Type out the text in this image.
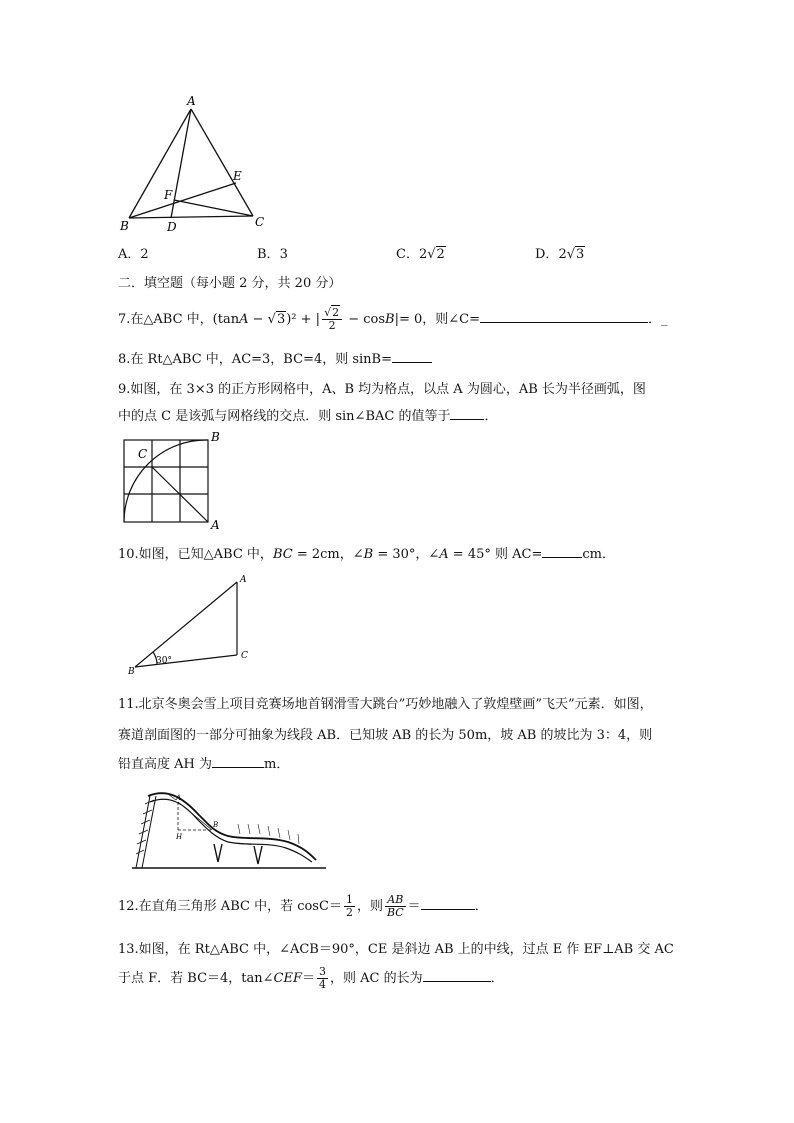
A
B	C
D
E
F
A．2	B．3	C．2√2	D．2√3
二．填空题（每小题 2 分，共 20 分）
7.在△ABC 中，(tanA − √3)² + | $\frac{√2}{2} - \cos B|= 0$，则∠C=	．_
8.在 Rt△ABC 中，AC=3，BC=4，则 sinB=
9.如图，在 3×3 的正方形网格中，A、B 均为格点，以点 A 为圆心，AB 长为半径画弧，图
中的点 C 是该弧与网格线的交点．则 sin∠BAC 的值等于	．
B
C
A
10.如图，已知△ABC 中，BC = 2cm，∠B = 30°，∠A = 45° 则 AC=	cm．
A
C
B
30°
11.北京冬奥会雪上项目竞赛场地首钢滑雪大跳台”巧妙地融入了敦煌壁画”飞天”元素．如图，
赛道剖面图的一部分可抽象为线段 AB．已知坡 AB 的长为 50m，坡 AB 的坡比为 3：4，则
铅直高度 AH 为	m．
A
B
H
12.在直角三角形 ABC 中，若 $\cos C= \frac{1}{2}$ ，则 $\frac{AB}{BC}$ ＝	．
13.如图，在 Rt△ABC 中，∠ACB＝90°，CE 是斜边 AB 上的中线，过点 E 作 EF⊥AB 交 AC
于点 F．若 BC＝4，tan∠CEF＝ $\frac{3}{4}$ ，则 AC 的长为	．
